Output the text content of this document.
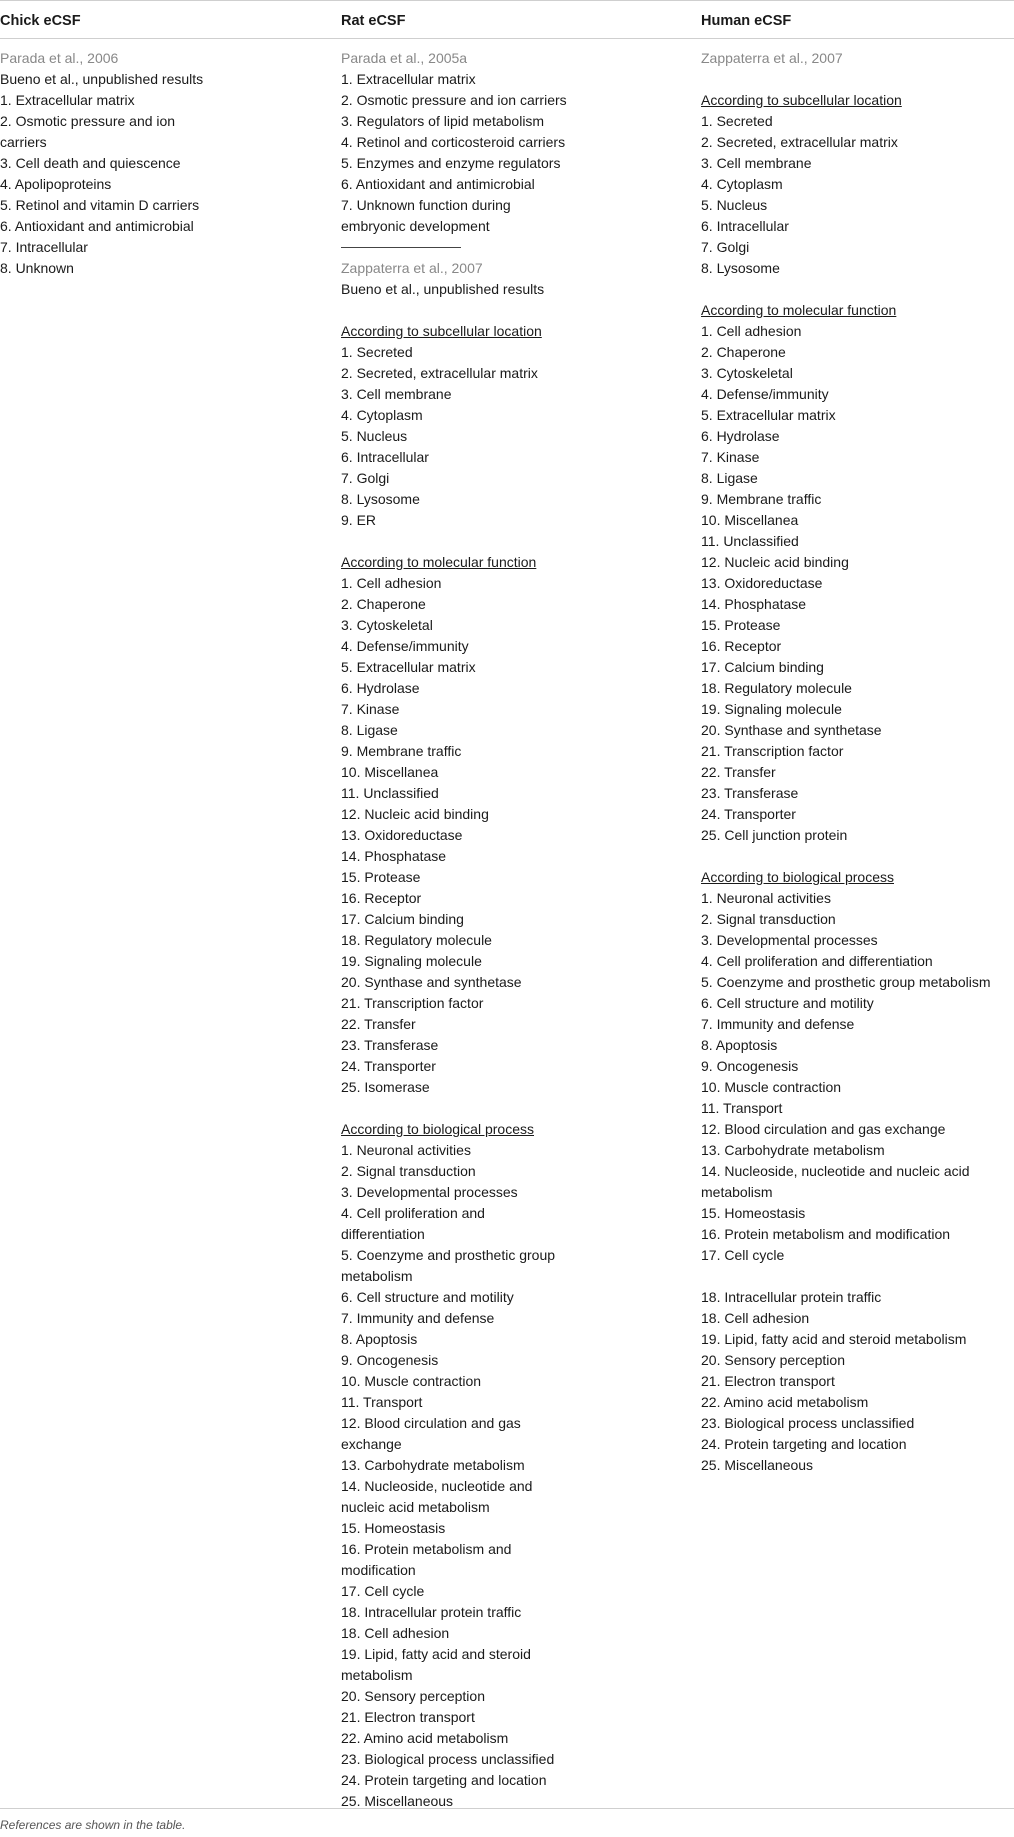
Chick eCSF	Rat eCSF	Human eCSF
Parada et al., 2006
Bueno et al., unpublished results
1. Extracellular matrix
2. Osmotic pressure and ion
carriers
3. Cell death and quiescence
4. Apolipoproteins
5. Retinol and vitamin D carriers
6. Antioxidant and antimicrobial
7. Intracellular
8. Unknown
Parada et al., 2005a
1. Extracellular matrix
2. Osmotic pressure and ion carriers
3. Regulators of lipid metabolism
4. Retinol and corticosteroid carriers
5. Enzymes and enzyme regulators
6. Antioxidant and antimicrobial
7. Unknown function during
embryonic development
Zappaterra et al., 2007
Bueno et al., unpublished results
According to subcellular location
1. Secreted
2. Secreted, extracellular matrix
3. Cell membrane
4. Cytoplasm
5. Nucleus
6. Intracellular
7. Golgi
8. Lysosome
9. ER
According to molecular function
1. Cell adhesion
2. Chaperone
3. Cytoskeletal
4. Defense/immunity
5. Extracellular matrix
6. Hydrolase
7. Kinase
8. Ligase
9. Membrane traffic
10. Miscellanea
11. Unclassified
12. Nucleic acid binding
13. Oxidoreductase
14. Phosphatase
15. Protease
16. Receptor
17. Calcium binding
18. Regulatory molecule
19. Signaling molecule
20. Synthase and synthetase
21. Transcription factor
22. Transfer
23. Transferase
24. Transporter
25. Isomerase
According to biological process
1. Neuronal activities
2. Signal transduction
3. Developmental processes
4. Cell proliferation and
differentiation
5. Coenzyme and prosthetic group
metabolism
6. Cell structure and motility
7. Immunity and defense
8. Apoptosis
9. Oncogenesis
10. Muscle contraction
11. Transport
12. Blood circulation and gas
exchange
13. Carbohydrate metabolism
14. Nucleoside, nucleotide and
nucleic acid metabolism
15. Homeostasis
16. Protein metabolism and
modification
17. Cell cycle
18. Intracellular protein traffic
18. Cell adhesion
19. Lipid, fatty acid and steroid
metabolism
20. Sensory perception
21. Electron transport
22. Amino acid metabolism
23. Biological process unclassified
24. Protein targeting and location
25. Miscellaneous
Zappaterra et al., 2007
According to subcellular location
1. Secreted
2. Secreted, extracellular matrix
3. Cell membrane
4. Cytoplasm
5. Nucleus
6. Intracellular
7. Golgi
8. Lysosome
According to molecular function
1. Cell adhesion
2. Chaperone
3. Cytoskeletal
4. Defense/immunity
5. Extracellular matrix
6. Hydrolase
7. Kinase
8. Ligase
9. Membrane traffic
10. Miscellanea
11. Unclassified
12. Nucleic acid binding
13. Oxidoreductase
14. Phosphatase
15. Protease
16. Receptor
17. Calcium binding
18. Regulatory molecule
19. Signaling molecule
20. Synthase and synthetase
21. Transcription factor
22. Transfer
23. Transferase
24. Transporter
25. Cell junction protein
According to biological process
1. Neuronal activities
2. Signal transduction
3. Developmental processes
4. Cell proliferation and differentiation
5. Coenzyme and prosthetic group metabolism
6. Cell structure and motility
7. Immunity and defense
8. Apoptosis
9. Oncogenesis
10. Muscle contraction
11. Transport
12. Blood circulation and gas exchange
13. Carbohydrate metabolism
14. Nucleoside, nucleotide and nucleic acid
metabolism
15. Homeostasis
16. Protein metabolism and modification
17. Cell cycle
18. Intracellular protein traffic
18. Cell adhesion
19. Lipid, fatty acid and steroid metabolism
20. Sensory perception
21. Electron transport
22. Amino acid metabolism
23. Biological process unclassified
24. Protein targeting and location
25. Miscellaneous
References are shown in the table.
